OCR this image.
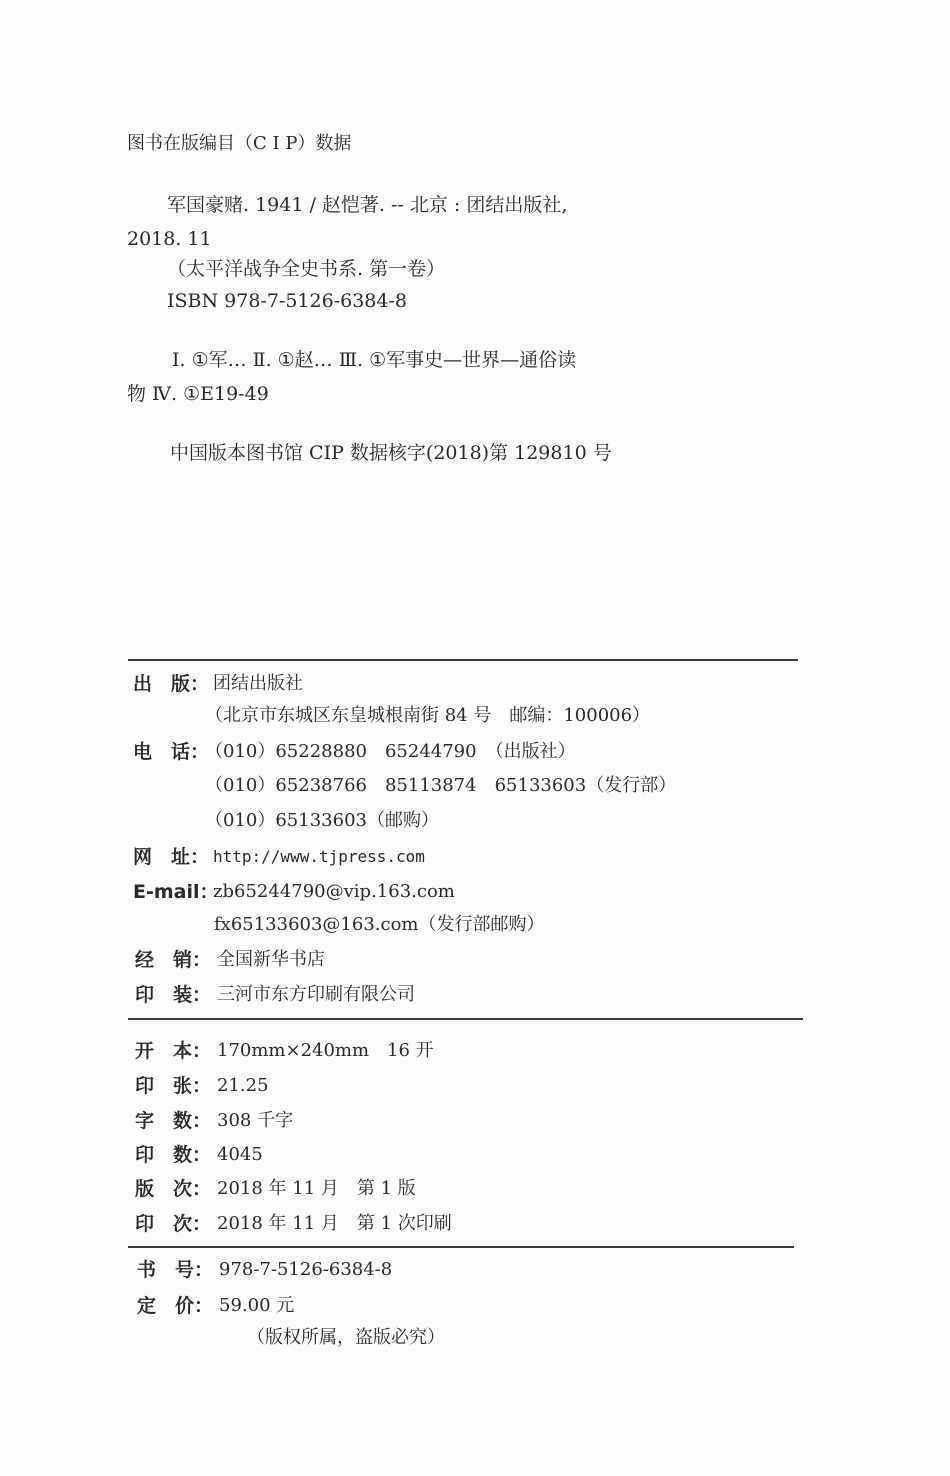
图书在版编目（C I P）数据
军国豪赌. 1941 / 赵恺著. -- 北京 : 团结出版社,
2018. 11
（太平洋战争全史书系. 第一卷）
ISBN 978-7-5126-6384-8
Ⅰ. ①军… Ⅱ. ①赵… Ⅲ. ①军事史—世界—通俗读
物 Ⅳ. ①E19-49
中国版本图书馆 CIP 数据核字(2018)第 129810 号
出　版： 团结出版社
（北京市东城区东皇城根南街 84 号　邮编：100006）
电　话：
（010）65228880　65244790　（出版社）
（010）65238766　85113874　65133603（发行部）
（010）65133603（邮购）
网　址： http://www.tjpress.com
E-mail：
zb65244790@vip.163.com
fx65133603@163.com（发行部邮购）
经　销： 全国新华书店
印　装： 三河市东方印刷有限公司
开　本： 170mm×240mm 16 开
印　张： 21.25
字　数： 308 千字
印　数： 4045
版　次： 2018 年 11 月　第 1 版
印　次： 2018 年 11 月　第 1 次印刷
书　号： 978-7-5126-6384-8
定　价： 59.00 元
（版权所属，盗版必究）
